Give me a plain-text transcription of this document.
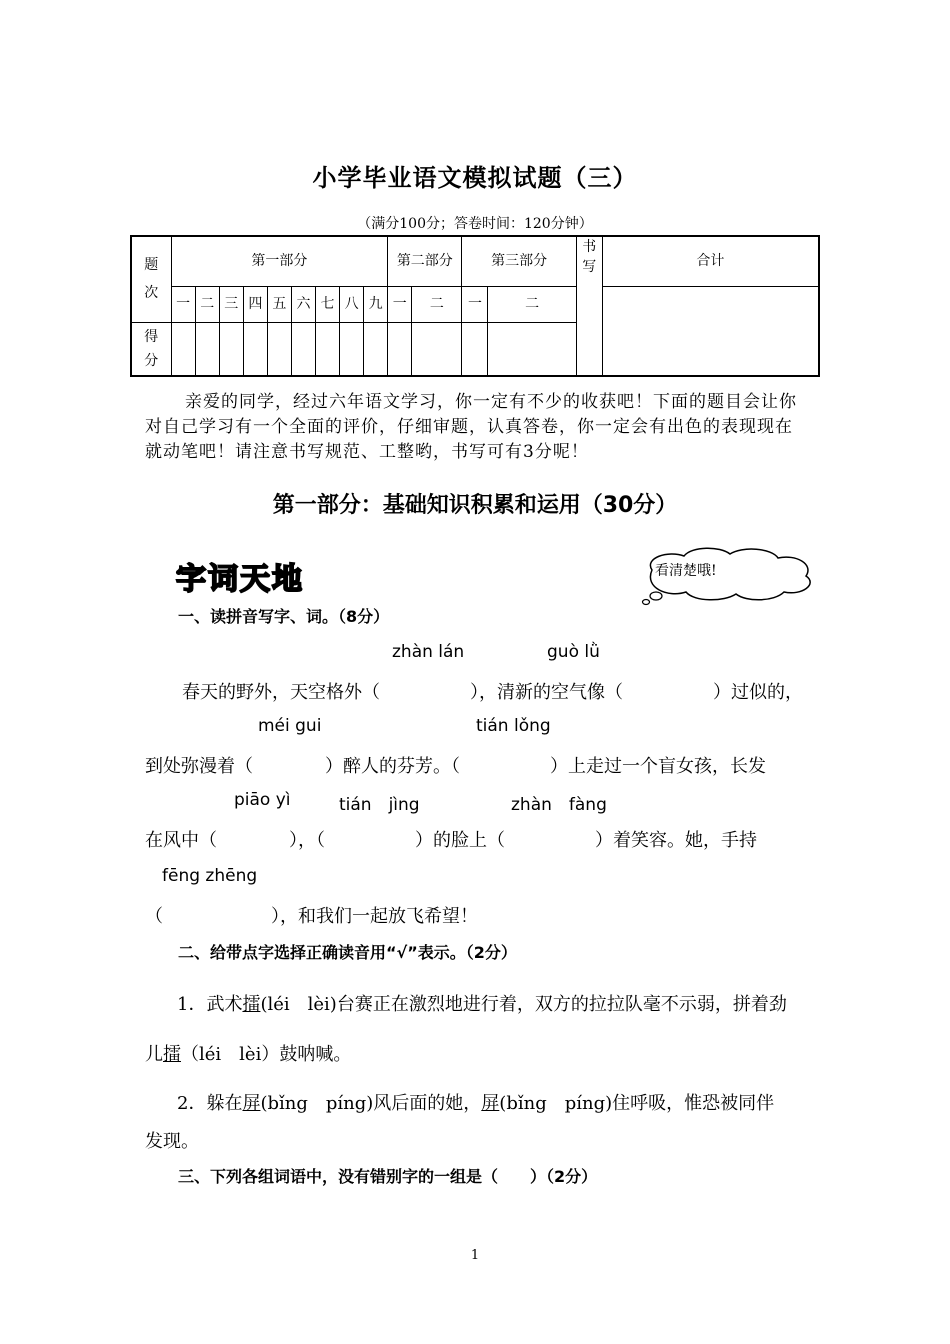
小学毕业语文模拟试题（三）
（满分100分；答卷时间：120分钟）
题次	第一部分									第二部分		第三部分		书写	合计
	一	二	三	四	五	六	七	八	九	一	二	一	二		
得分															
亲爱的同学，经过六年语文学习，你一定有不少的收获吧！下面的题目会让你对自己学习有一个全面的评价，仔细审题，认真答卷，你一定会有出色的表现现在就动笔吧！请注意书写规范、工整哟，书写可有3分呢！
第一部分：基础知识积累和运用（30分）
字词天地	看清楚哦!
一、读拼音写字、词。（8分）
zhàn lán	guò lǜ
春天的野外，天空格外（　　　　　），清新的空气像（　　　　　）过似的，
méi gui	tián lǒng
到处弥漫着（　　　　）醉人的芬芳。（　　　　　）上走过一个盲女孩，长发
piāo yì	tián　jìng	zhàn　fàng
在风中（　　　　），（　　　　　）的脸上（　　　　　）着笑容。她，手持
fēng zhēng
（　　　　　　），和我们一起放飞希望！
二、给带点字选择正确读音用“√”表示。（2分）
1．武术擂(léi　lèi)台赛正在激烈地进行着，双方的拉拉队毫不示弱，拼着劲
儿擂（léi　lèi）鼓呐喊。
2．躲在屏(bǐng　píng)风后面的她，屏(bǐng　píng)住呼吸，惟恐被同伴
发现。
三、下列各组词语中，没有错别字的一组是（　　）（2分）
1
